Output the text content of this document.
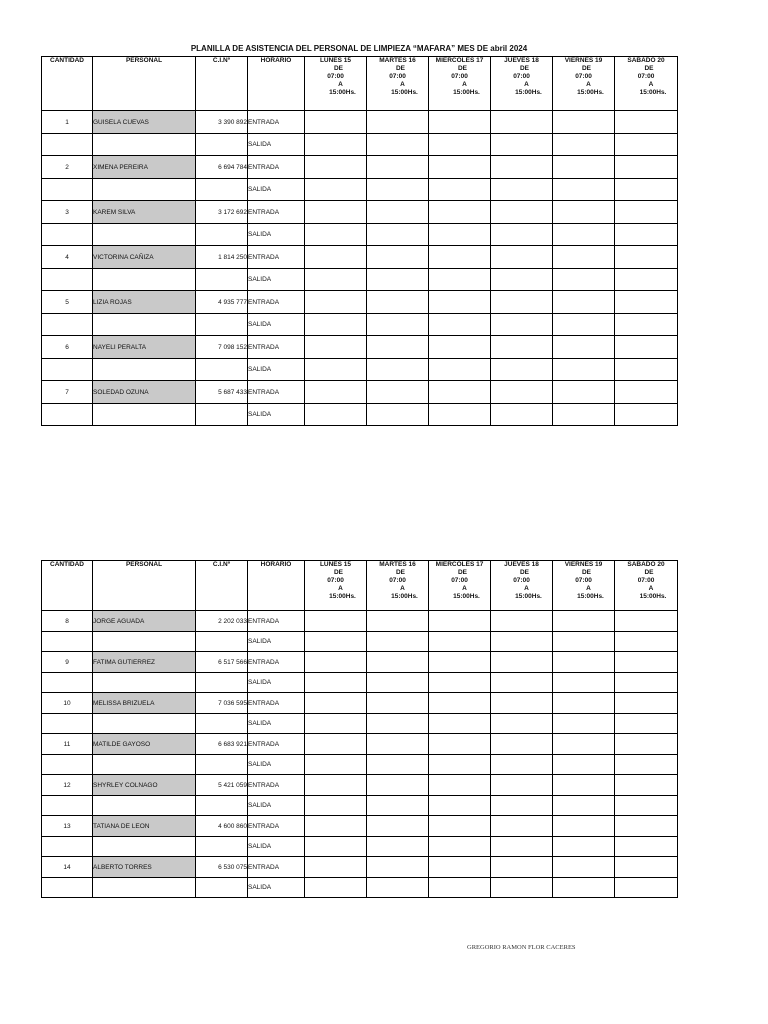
PLANILLA DE ASISTENCIA DEL PERSONAL DE LIMPIEZA “MAFARA” MES DE abril 2024
CANTIDAD	PERSONAL	C.I.Nº	HORARIO	LUNES 15
DE
07:00
A
15:00Hs.	MARTES 16
DE
07:00
A
15:00Hs.	MIERCOLES 17
DE
07:00
A
15:00Hs.	JUEVES 18
DE
07:00
A
15:00Hs.	VIERNES 19
DE
07:00
A
15:00Hs.	SABADO 20
DE
07:00
A
15:00Hs.

1	GUISELA CUEVAS	3 390 892	ENTRADA						
			SALIDA						
2	XIMENA PEREIRA	6 694 784	ENTRADA						
			SALIDA						
3	KAREM SILVA	3 172 692	ENTRADA						
			SALIDA						
4	VICTORINA CAÑIZA	1 814 250	ENTRADA						
			SALIDA						
5	LIZIA ROJAS	4 935 777	ENTRADA						
			SALIDA						
6	NAYELI PERALTA	7 098 152	ENTRADA						
			SALIDA						
7	SOLEDAD OZUNA	5 687 433	ENTRADA						
			SALIDA						
CANTIDAD	PERSONAL	C.I.Nº	HORARIO	LUNES 15
DE
07:00
A
15:00Hs.	MARTES 16
DE
07:00
A
15:00Hs.	MIERCOLES 17
DE
07:00
A
15:00Hs.	JUEVES 18
DE
07:00
A
15:00Hs.	VIERNES 19
DE
07:00
A
15:00Hs.	SABADO 20
DE
07:00
A
15:00Hs.

8	JORGE AGUADA	2 202 033	ENTRADA						
			SALIDA						
9	FATIMA GUTIERREZ	6 517 566	ENTRADA						
			SALIDA						
10	MELISSA BRIZUELA	7 036 595	ENTRADA						
			SALIDA						
11	MATILDE GAYOSO	6 683 921	ENTRADA						
			SALIDA						
12	SHYRLEY COLNAGO	5 421 059	ENTRADA						
			SALIDA						
13	TATIANA DE LEON	4 600 860	ENTRADA						
			SALIDA						
14	ALBERTO TORRES	6 530 075	ENTRADA						
			SALIDA						
GREGORIO RAMON FLOR CACERES
